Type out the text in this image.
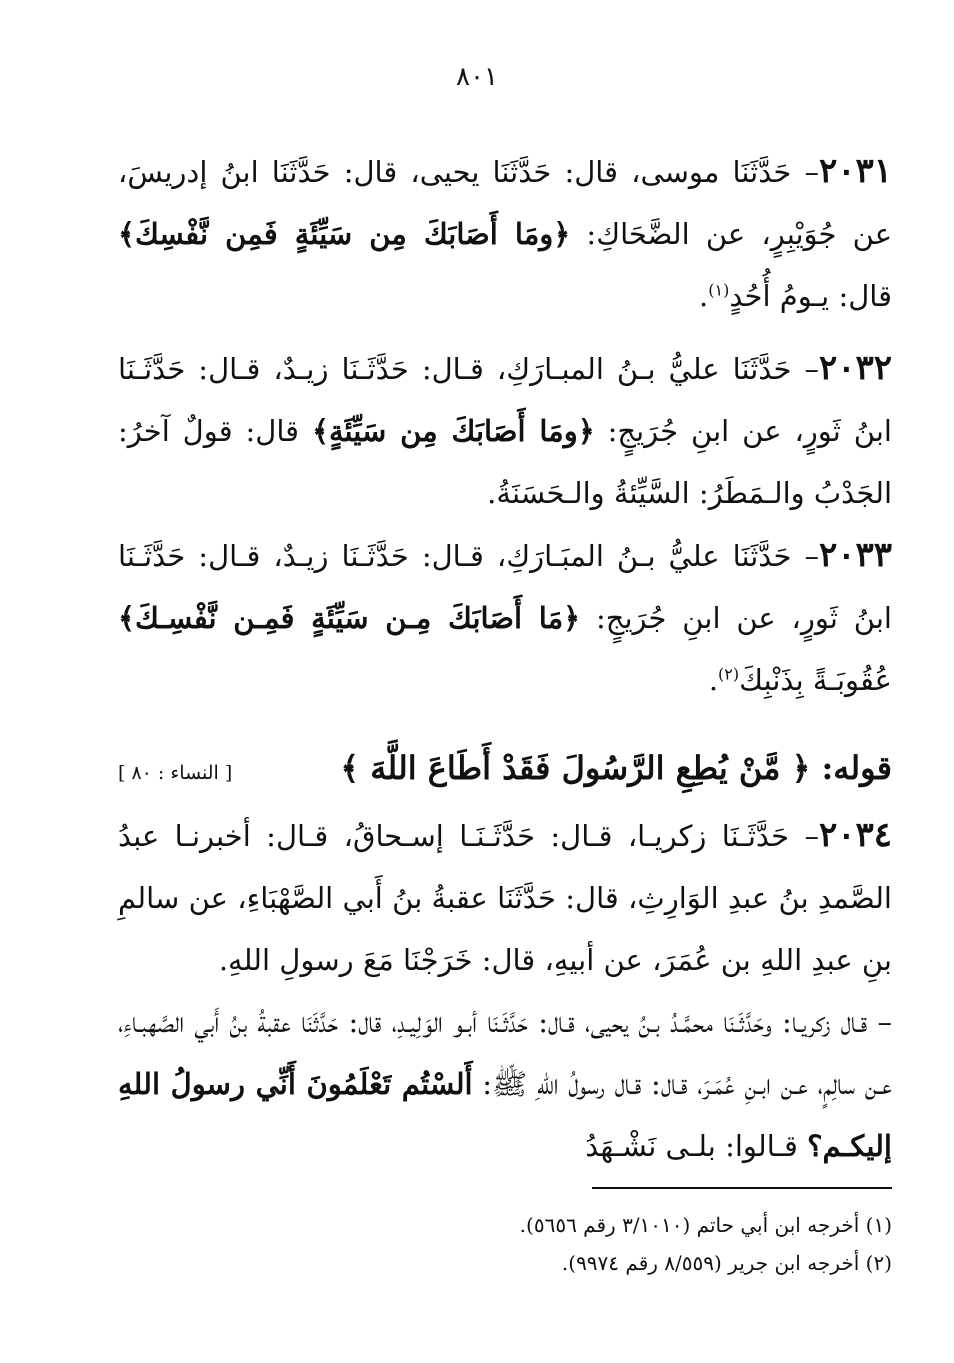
٨٠١

٢٠٣١– حَدَّثَنَا موسى، قال: حَدَّثَنَا يحيى، قال: حَدَّثَنَا ابنُ إدريسَ، عن جُوَيْبِرٍ، عن الضَّحَاكِ: ﴿ومَا أَصَابَكَ مِن سَيِّئَةٍ فَمِن نَّفْسِكَ﴾ قال: يـومُ أُحُدٍ$^{(١)}$.

٢٠٣٢– حَدَّثَنَا عليُّ بـنُ المبـارَكِ، قـال: حَدَّثَـنَا زيـدٌ، قـال: حَدَّثَـنَا ابنُ ثَورٍ، عن ابنِ جُرَيجٍ: ﴿ومَا أَصَابَكَ مِن سَيِّئَةٍ﴾ قال: قولٌ آخرُ: الجَدْبُ والـمَطَرُ: السَّيِّئةُ والـحَسَنَةُ.

٢٠٣٣– حَدَّثَنَا عليُّ بـنُ المبَـارَكِ، قـال: حَدَّثَـنَا زيـدٌ، قـال: حَدَّثَـنَا ابنُ ثَورٍ، عن ابنِ جُرَيجٍ: ﴿مَا أَصَابَكَ مِـن سَيِّئَةٍ فَمِـن نَّفْسِـكَ﴾ عُقُوبَـةً بِذَنْبِكَ$^{(٢)}$.

قوله: ﴿ مَّنْ يُطِعِ الرَّسُولَ فَقَدْ أَطَاعَ اللَّهَ ﴾
[ النساء : ٨٠ ]

٢٠٣٤– حَدَّثَـنَا زكريـا، قـال: حَدَّثَـنَـا إسـحاقُ، قـال: أخبرنـا عبدُ الصَّمدِ بنُ عبدِ الوَارِثِ، قال: حَدَّثَنَا عقبةُ بنُ أَبي الصَّهْبَاءِ، عن سالمِ بنِ عبدِ اللهِ بن عُمَرَ، عن أبيهِ، قال: خَرَجْنَا مَعَ رسولِ اللهِ.

– قـال زكريـا: وحَدَّثَـنَا محمَّـدُ بـنُ يحيى، قـال: حَدَّثَـنَا أبـو الوَلِيـدِ، قال: حَدَّثَنَا عقبةُ بنُ أَبي الصَّهبـاءِ، عـن سالِمٍ، عـن ابـنِ عُمَـرَ، قـال: قـال رسولُ اللهِ ﷺ: أَلسْتُم تَعْلَمُونَ أَنِّي رسولُ اللهِ إليكـم؟ قـالوا: بلـى نَشْـهَدُ

(١) أخرجه ابن أبي حاتم (٣/١٠١٠ رقم ٥٦٥٦).

(٢) أخرجه ابن جرير (٨/٥٥٩ رقم ٩٩٧٤).
